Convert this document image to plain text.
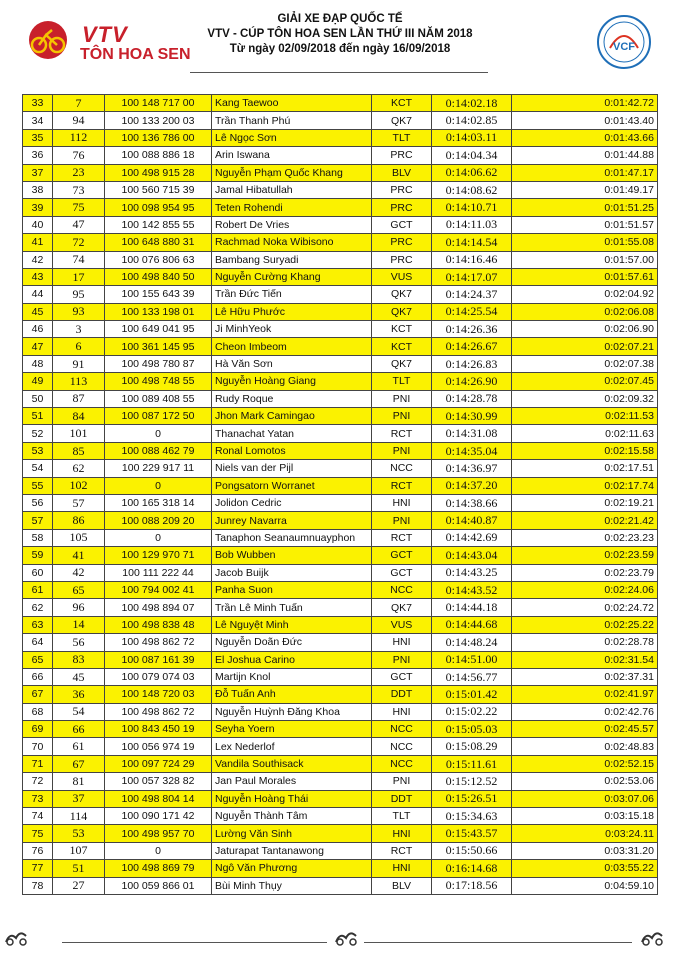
VTV
TÔN HOA SEN
GIẢI XE ĐẠP QUỐC TẾ
VTV - CÚP TÔN HOA SEN LẦN THỨ III NĂM 2018
Từ ngày 02/09/2018 đến ngày 16/09/2018	VCF
33	7	100 148 717 00	Kang Taewoo	KCT	0:14:02.18	0:01:42.72
34	94	100 133 200 03	Trần Thanh Phú	QK7	0:14:02.85	0:01:43.40
35	112	100 136 786 00	Lê Ngọc Sơn	TLT	0:14:03.11	0:01:43.66
36	76	100 088 886 18	Arin Iswana	PRC	0:14:04.34	0:01:44.88
37	23	100 498 915 28	Nguyễn Phạm Quốc Khang	BLV	0:14:06.62	0:01:47.17
38	73	100 560 715 39	Jamal Hibatullah	PRC	0:14:08.62	0:01:49.17
39	75	100 098 954 95	Teten Rohendi	PRC	0:14:10.71	0:01:51.25
40	47	100 142 855 55	Robert De Vries	GCT	0:14:11.03	0:01:51.57
41	72	100 648 880 31	Rachmad Noka Wibisono	PRC	0:14:14.54	0:01:55.08
42	74	100 076 806 63	Bambang Suryadi	PRC	0:14:16.46	0:01:57.00
43	17	100 498 840 50	Nguyễn Cường Khang	VUS	0:14:17.07	0:01:57.61
44	95	100 155 643 39	Trần Đức Tiến	QK7	0:14:24.37	0:02:04.92
45	93	100 133 198 01	Lê Hữu Phước	QK7	0:14:25.54	0:02:06.08
46	3	100 649 041 95	Ji MinhYeok	KCT	0:14:26.36	0:02:06.90
47	6	100 361 145 95	Cheon Imbeom	KCT	0:14:26.67	0:02:07.21
48	91	100 498 780 87	Hà Văn Sơn	QK7	0:14:26.83	0:02:07.38
49	113	100 498 748 55	Nguyễn Hoàng Giang	TLT	0:14:26.90	0:02:07.45
50	87	100 089 408 55	Rudy Roque	PNI	0:14:28.78	0:02:09.32
51	84	100 087 172 50	Jhon Mark Camingao	PNI	0:14:30.99	0:02:11.53
52	101	0	Thanachat Yatan	RCT	0:14:31.08	0:02:11.63
53	85	100 088 462 79	Ronal Lomotos	PNI	0:14:35.04	0:02:15.58
54	62	100 229 917 11	Niels van der Pijl	NCC	0:14:36.97	0:02:17.51
55	102	0	Pongsatorn Worranet	RCT	0:14:37.20	0:02:17.74
56	57	100 165 318 14	Jolidon Cedric	HNI	0:14:38.66	0:02:19.21
57	86	100 088 209 20	Junrey Navarra	PNI	0:14:40.87	0:02:21.42
58	105	0	Tanaphon Seanaumnuayphon	RCT	0:14:42.69	0:02:23.23
59	41	100 129 970 71	Bob Wubben	GCT	0:14:43.04	0:02:23.59
60	42	100 111 222 44	Jacob Buijk	GCT	0:14:43.25	0:02:23.79
61	65	100 794 002 41	Panha Suon	NCC	0:14:43.52	0:02:24.06
62	96	100 498 894 07	Trần Lê Minh Tuấn	QK7	0:14:44.18	0:02:24.72
63	14	100 498 838 48	Lê Nguyệt Minh	VUS	0:14:44.68	0:02:25.22
64	56	100 498 862 72	Nguyễn Doãn Đức	HNI	0:14:48.24	0:02:28.78
65	83	100 087 161 39	El Joshua Carino	PNI	0:14:51.00	0:02:31.54
66	45	100 079 074 03	Martijn Knol	GCT	0:14:56.77	0:02:37.31
67	36	100 148 720 03	Đỗ Tuấn Anh	DDT	0:15:01.42	0:02:41.97
68	54	100 498 862 72	Nguyễn Huỳnh Đăng Khoa	HNI	0:15:02.22	0:02:42.76
69	66	100 843 450 19	Seyha Yoern	NCC	0:15:05.03	0:02:45.57
70	61	100 056 974 19	Lex Nederlof	NCC	0:15:08.29	0:02:48.83
71	67	100 097 724 29	Vandila Southisack	NCC	0:15:11.61	0:02:52.15
72	81	100 057 328 82	Jan Paul Morales	PNI	0:15:12.52	0:02:53.06
73	37	100 498 804 14	Nguyễn Hoàng Thái	DDT	0:15:26.51	0:03:07.06
74	114	100 090 171 42	Nguyễn Thành Tâm	TLT	0:15:34.63	0:03:15.18
75	53	100 498 957 70	Lường Văn Sinh	HNI	0:15:43.57	0:03:24.11
76	107	0	Jaturapat Tantanawong	RCT	0:15:50.66	0:03:31.20
77	51	100 498 869 79	Ngô Văn Phương	HNI	0:16:14.68	0:03:55.22
78	27	100 059 866 01	Bùi Minh Thụy	BLV	0:17:18.56	0:04:59.10
